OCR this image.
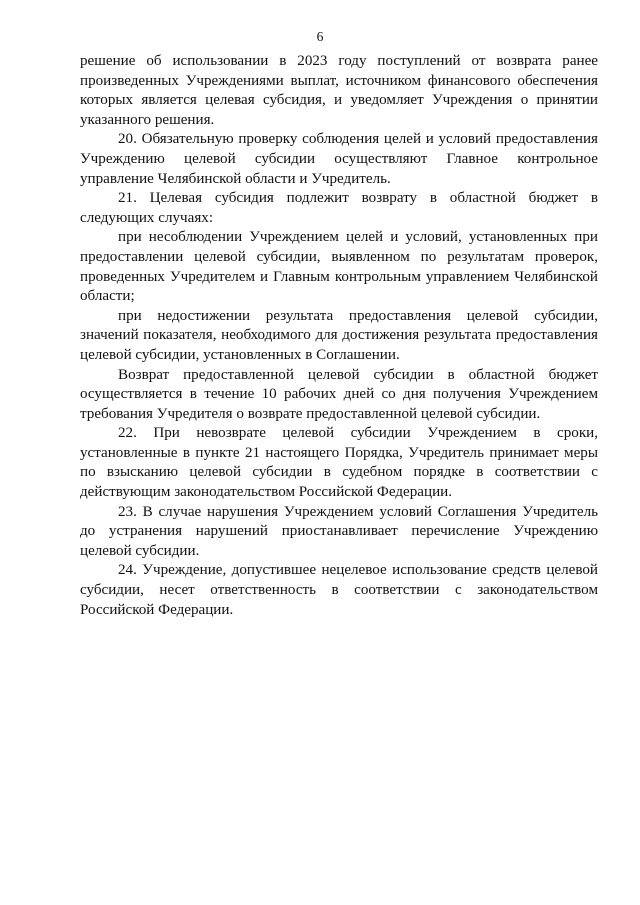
6

решение об использовании в 2023 году поступлений от возврата ранее произведенных Учреждениями выплат, источником финансового обеспечения которых является целевая субсидия, и уведомляет Учреждения о принятии указанного решения.

20. Обязательную проверку соблюдения целей и условий предоставления Учреждению целевой субсидии осуществляют Главное контрольное управление Челябинской области и Учредитель.

21. Целевая субсидия подлежит возврату в областной бюджет в следующих случаях:

при несоблюдении Учреждением целей и условий, установленных при предоставлении целевой субсидии, выявленном по результатам проверок, проведенных Учредителем и Главным контрольным управлением Челябинской области;

при недостижении результата предоставления целевой субсидии, значений показателя, необходимого для достижения результата предоставления целевой субсидии, установленных в Соглашении.

Возврат предоставленной целевой субсидии в областной бюджет осуществляется в течение 10 рабочих дней со дня получения Учреждением требования Учредителя о возврате предоставленной целевой субсидии.

22. При невозврате целевой субсидии Учреждением в сроки, установленные в пункте 21 настоящего Порядка, Учредитель принимает меры по взысканию целевой субсидии в судебном порядке в соответствии с действующим законодательством Российской Федерации.

23. В случае нарушения Учреждением условий Соглашения Учредитель до устранения нарушений приостанавливает перечисление Учреждению целевой субсидии.

24. Учреждение, допустившее нецелевое использование средств целевой субсидии, несет ответственность в соответствии с законодательством Российской Федерации.
